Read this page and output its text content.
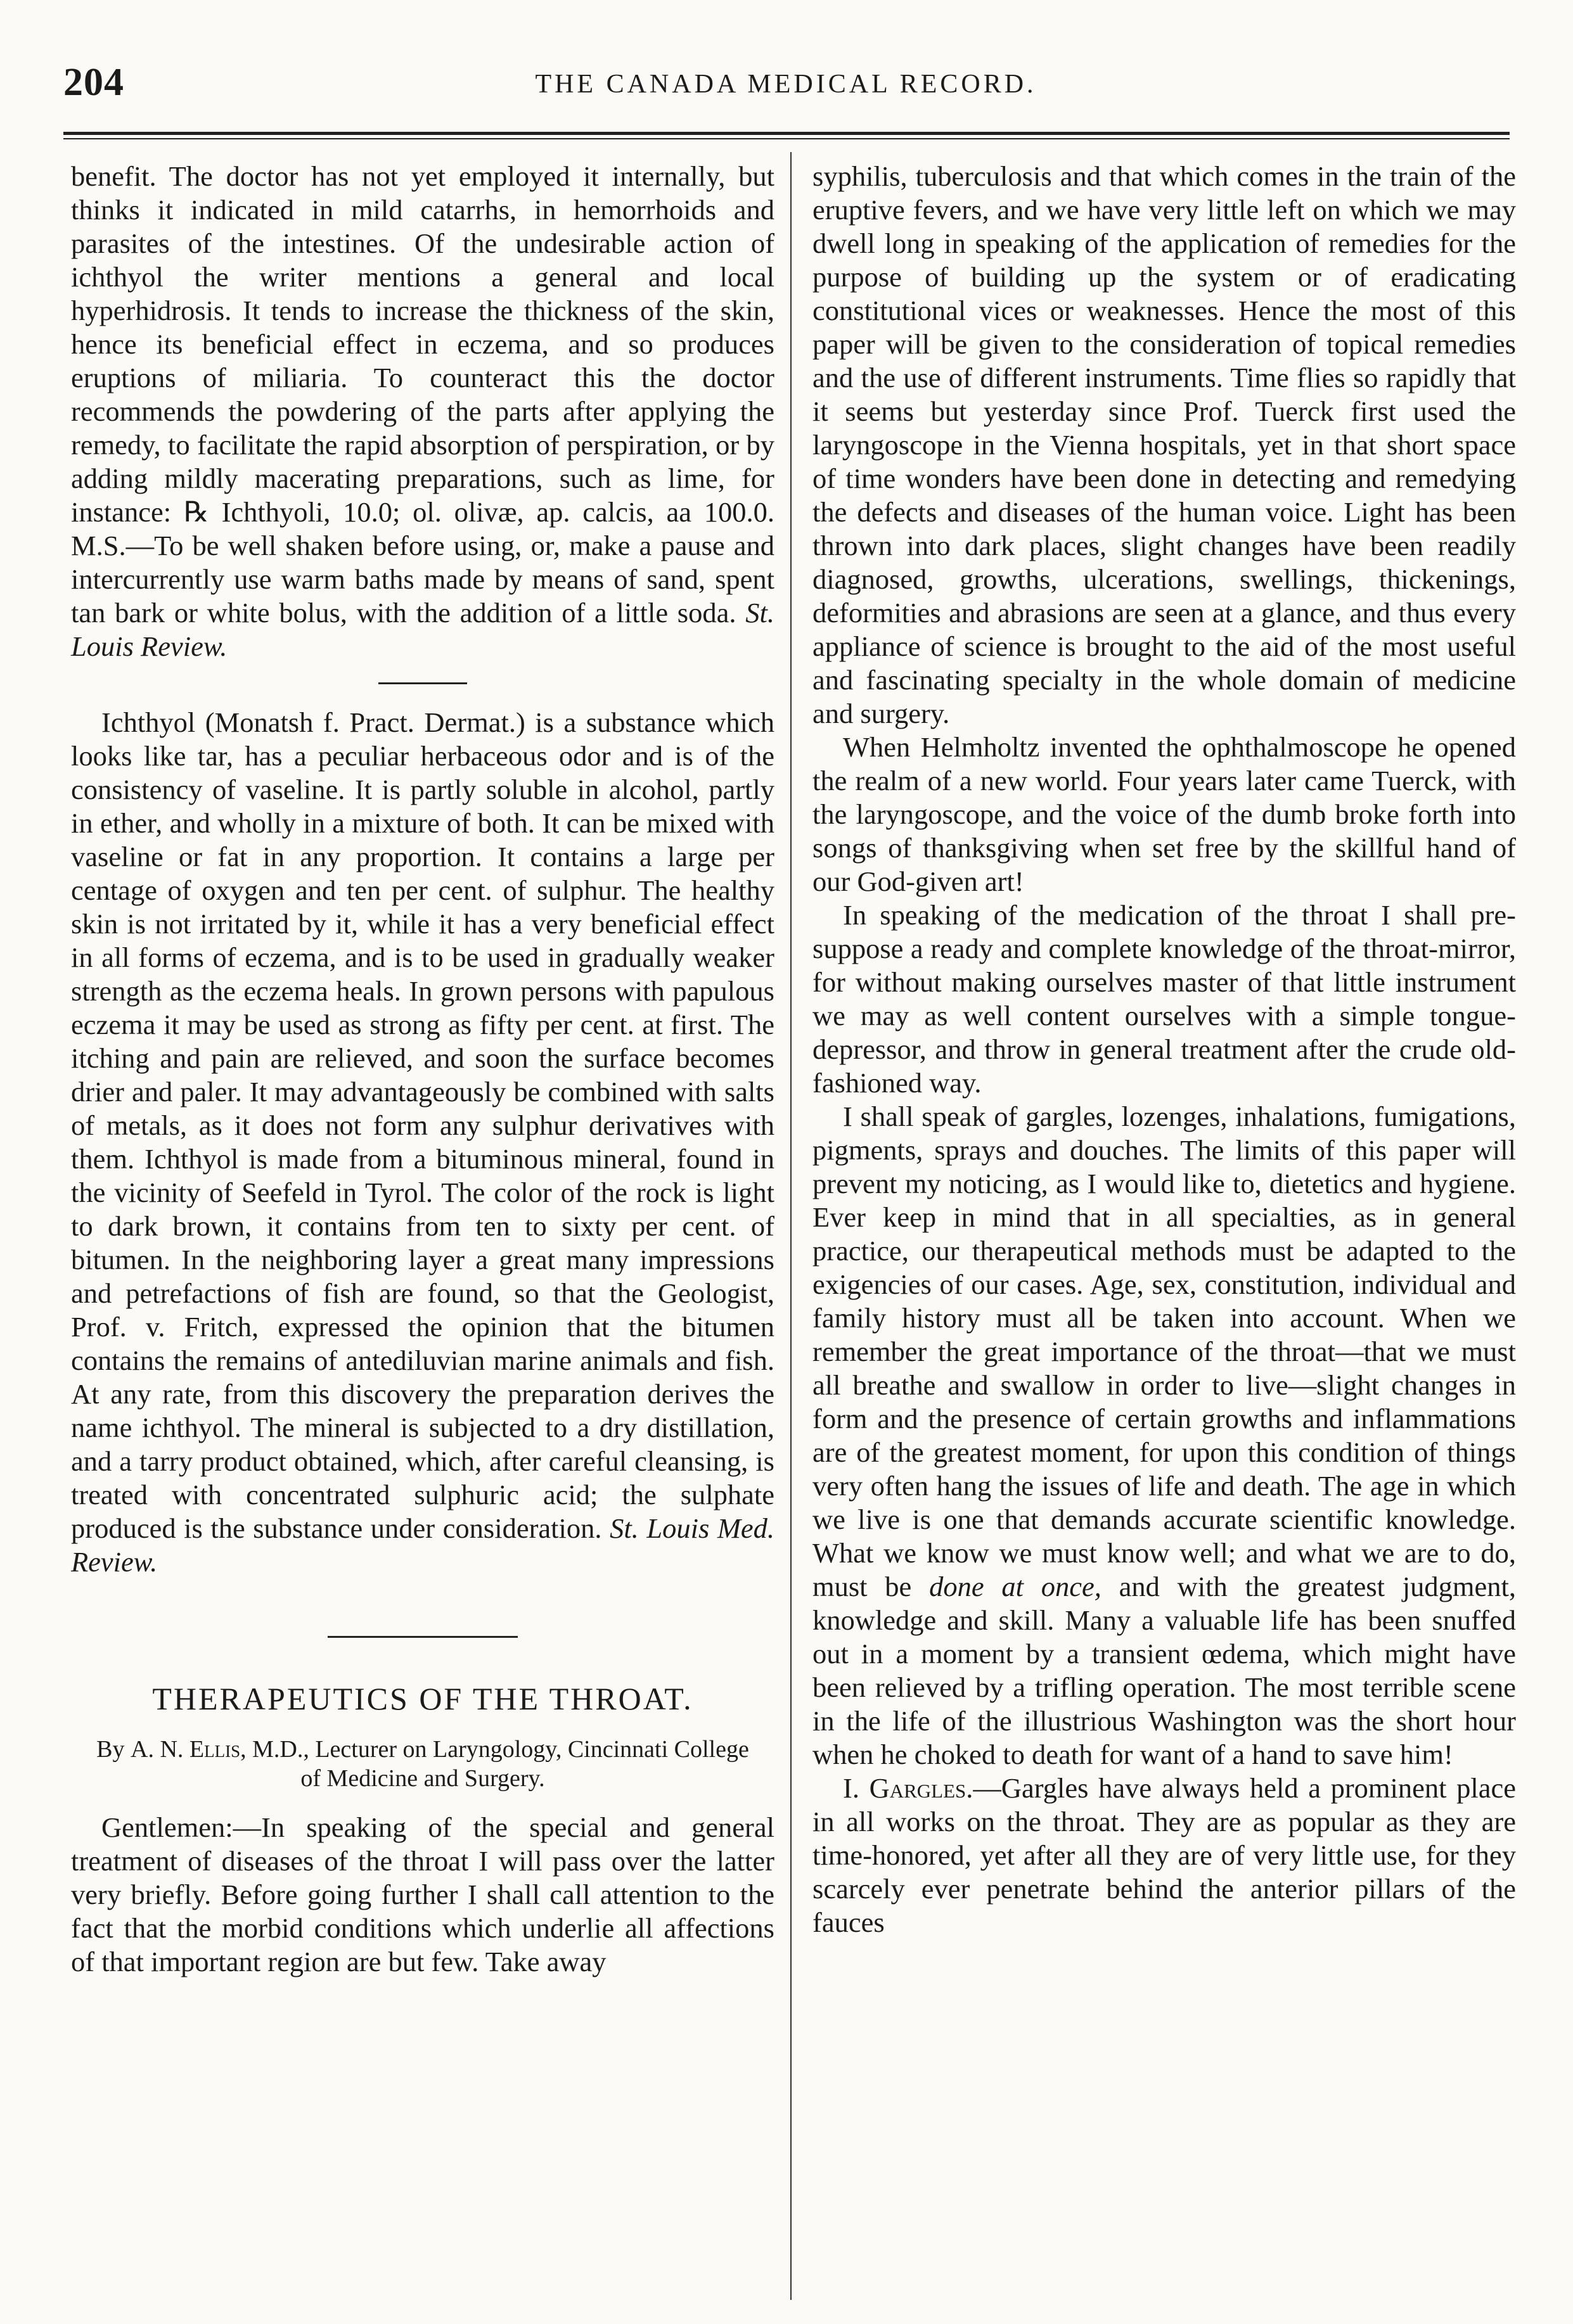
204	THE CANADA MEDICAL RECORD.

benefit. The doctor has not yet employed it internally, but thinks it indicated in mild catarrhs, in hemorrhoids and parasites of the intestines. Of the undesirable action of ichthyol the writer mentions a general and local hyperhidrosis. It tends to increase the thickness of the skin, hence its beneficial effect in eczema, and so produces eruptions of miliaria. To counteract this the doctor recommends the powdering of the parts after applying the remedy, to facilitate the rapid absorption of perspiration, or by adding mildly macerating preparations, such as lime, for instance: ℞ Ichthyoli, 10.0; ol. olivæ, ap. calcis, aa 100.0. M.S.—To be well shaken before using, or, make a pause and intercurrently use warm baths made by means of sand, spent tan bark or white bolus, with the addition of a little soda. St. Louis Review.

Ichthyol (Monatsh f. Pract. Dermat.) is a substance which looks like tar, has a peculiar herbaceous odor and is of the consistency of vaseline. It is partly soluble in alcohol, partly in ether, and wholly in a mixture of both. It can be mixed with vaseline or fat in any proportion. It contains a large per centage of oxygen and ten per cent. of sulphur. The healthy skin is not irritated by it, while it has a very beneficial effect in all forms of eczema, and is to be used in gradually weaker strength as the eczema heals. In grown persons with papulous eczema it may be used as strong as fifty per cent. at first. The itching and pain are relieved, and soon the surface becomes drier and paler. It may advantageously be combined with salts of metals, as it does not form any sulphur derivatives with them. Ichthyol is made from a bituminous mineral, found in the vicinity of Seefeld in Tyrol. The color of the rock is light to dark brown, it contains from ten to sixty per cent. of bitumen. In the neighboring layer a great many impressions and petrefactions of fish are found, so that the Geologist, Prof. v. Fritch, expressed the opinion that the bitumen contains the remains of antediluvian marine animals and fish. At any rate, from this discovery the preparation derives the name ichthyol. The mineral is subjected to a dry distillation, and a tarry product obtained, which, after careful cleansing, is treated with concentrated sulphuric acid; the sulphate produced is the substance under consideration. St. Louis Med. Review.

THERAPEUTICS OF THE THROAT.
By A. N. Ellis, M.D., Lecturer on Laryngology, Cincinnati College of Medicine and Surgery.

Gentlemen:—In speaking of the special and general treatment of diseases of the throat I will pass over the latter very briefly. Before going further I shall call attention to the fact that the morbid conditions which underlie all affections of that important region are but few. Take away

syphilis, tuberculosis and that which comes in the train of the eruptive fevers, and we have very little left on which we may dwell long in speaking of the application of remedies for the purpose of building up the system or of eradicating constitutional vices or weaknesses. Hence the most of this paper will be given to the consideration of topical remedies and the use of different instruments. Time flies so rapidly that it seems but yesterday since Prof. Tuerck first used the laryngoscope in the Vienna hospitals, yet in that short space of time wonders have been done in detecting and remedying the defects and diseases of the human voice. Light has been thrown into dark places, slight changes have been readily diagnosed, growths, ulcerations, swellings, thickenings, deformities and abrasions are seen at a glance, and thus every appliance of science is brought to the aid of the most useful and fascinating specialty in the whole domain of medicine and surgery.

When Helmholtz invented the ophthalmoscope he opened the realm of a new world. Four years later came Tuerck, with the laryngoscope, and the voice of the dumb broke forth into songs of thanksgiving when set free by the skillful hand of our God-given art!

In speaking of the medication of the throat I shall pre-suppose a ready and complete knowledge of the throat-mirror, for without making ourselves master of that little instrument we may as well content ourselves with a simple tongue-depressor, and throw in general treatment after the crude old-fashioned way.

I shall speak of gargles, lozenges, inhalations, fumigations, pigments, sprays and douches. The limits of this paper will prevent my noticing, as I would like to, dietetics and hygiene. Ever keep in mind that in all specialties, as in general practice, our therapeutical methods must be adapted to the exigencies of our cases. Age, sex, constitution, individual and family history must all be taken into account. When we remember the great importance of the throat—that we must all breathe and swallow in order to live—slight changes in form and the presence of certain growths and inflammations are of the greatest moment, for upon this condition of things very often hang the issues of life and death. The age in which we live is one that demands accurate scientific knowledge. What we know we must know well; and what we are to do, must be done at once, and with the greatest judgment, knowledge and skill. Many a valuable life has been snuffed out in a moment by a transient œdema, which might have been relieved by a trifling operation. The most terrible scene in the life of the illustrious Washington was the short hour when he choked to death for want of a hand to save him!

I. Gargles.—Gargles have always held a prominent place in all works on the throat. They are as popular as they are time-honored, yet after all they are of very little use, for they scarcely ever penetrate behind the anterior pillars of the fauces
